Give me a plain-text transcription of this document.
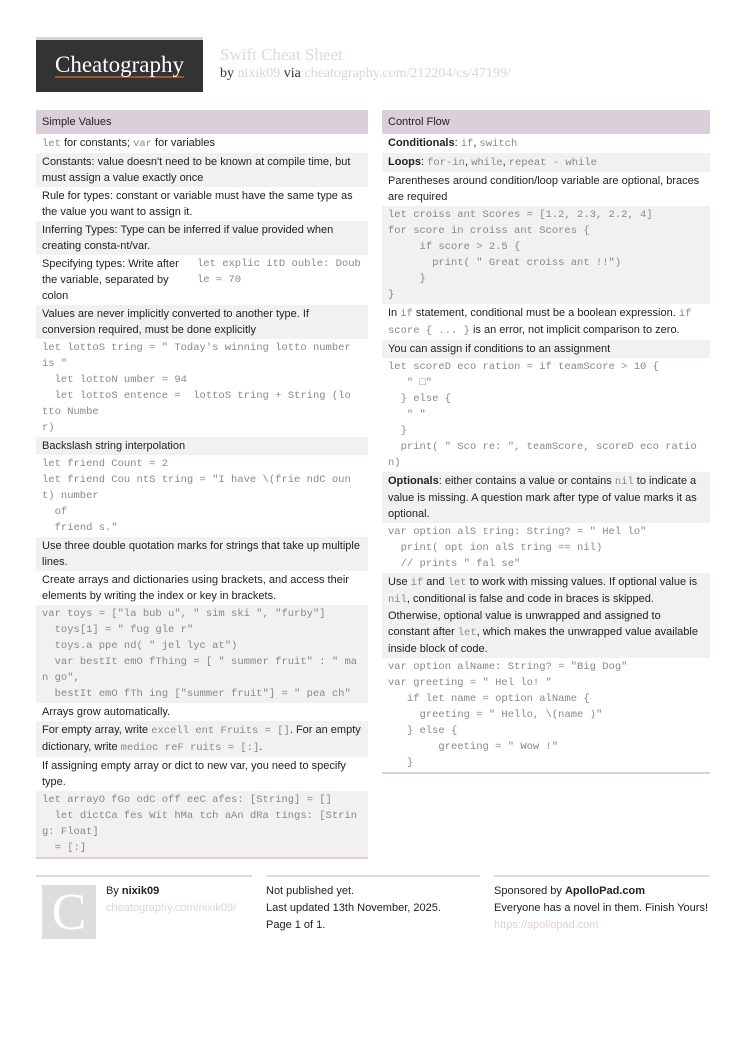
Cheatography Swift Cheat Sheet
by nixik09 via cheatography.com/212204/cs/47199/
Simple Values
let for constants; var for variables
Constants: value doesn't need to be known at compile time, but must assign a value exactly once
Rule for types: constant or variable must have the same type as the value you want to assign it.
Inferring Types: Type can be inferred if value provided when creating consta-nt/var.
Specifying types: Write after the variable, separated by colon
let explic itD ouble: Double = 70
Values are never implicitly converted to another type. If conversion required, must be done explicitly
let lottoS tring = " Today's winning lotto number is "
let lottoN umber = 94
let lottoS entence =  lottoS tring + String (lo tto Numbe
r)
Backslash string interpolation
let friend Count = 2
let friend Cou ntS tring = "I have \(frie ndC ount) number
of
friend s."
Use three double quotation marks for strings that take up multiple lines.
Create arrays and dictionaries using brackets, and access their elements by writing the index or key in brackets.
var toys = ["la bub u", " sim ski ", "furby"]
toys[1] = " fug gle r"
toys.a ppe nd( " jel lyc at")
var bestIt emO fThing = [ " summer fruit" : " man go",
bestIt emO fTh ing ["summer fruit"] = " pea ch"
Arrays grow automatically.
For empty array, write excell ent Fruits = []. For an empty dictionary, write medioc reF ruits = [:].
If assigning empty array or dict to new var, you need to specify type.
let arrayO fGo odC off eeC afes: [String] = []
let dictCa fes Wit hMa tch aAn dRa tings: [String: Float]
= [:]
Control Flow
Conditionals: if, switch
Loops: for-in, while, repeat - while
Parentheses around condition/loop variable are optional, braces are required
let croiss ant Scores = [1.2, 2.3, 2.2, 4]
for score in croiss ant Scores {
if score > 2.5 {
print( " Great croiss ant !!")
}
}
In if statement, conditional must be a boolean expression. if score { ... } is an error, not implicit comparison to zero.
You can assign if conditions to an assignment
let scoreD eco ration = if teamScore > 10 {
" □"
} else {
" "
}
print( " Sco re: ", teamScore, scoreD eco ration)
Optionals: either contains a value or contains nil to indicate a value is missing. A question mark after type of value marks it as optional.
var option alS tring: String? = " Hel lo"
print( opt ion alS tring == nil)
// prints " fal se"
Use if and let to work with missing values. If optional value is nil, conditional is false and code in braces is skipped. Otherwise, optional value is unwrapped and assigned to constant after let, which makes the unwrapped value available inside block of code.
var option alName: String? = "Big Dog"
var greeting = " Hel lo! "
if let name = option alName {
greeting = " Hello, \(name )"
} else {
greeting = " Wow !"
}
C	By nixik09
cheatography.com/nixik09/
Not published yet.
Last updated 13th November, 2025.
Page 1 of 1.
Sponsored by ApolloPad.com
Everyone has a novel in them. Finish Yours!
https://apollopad.com
